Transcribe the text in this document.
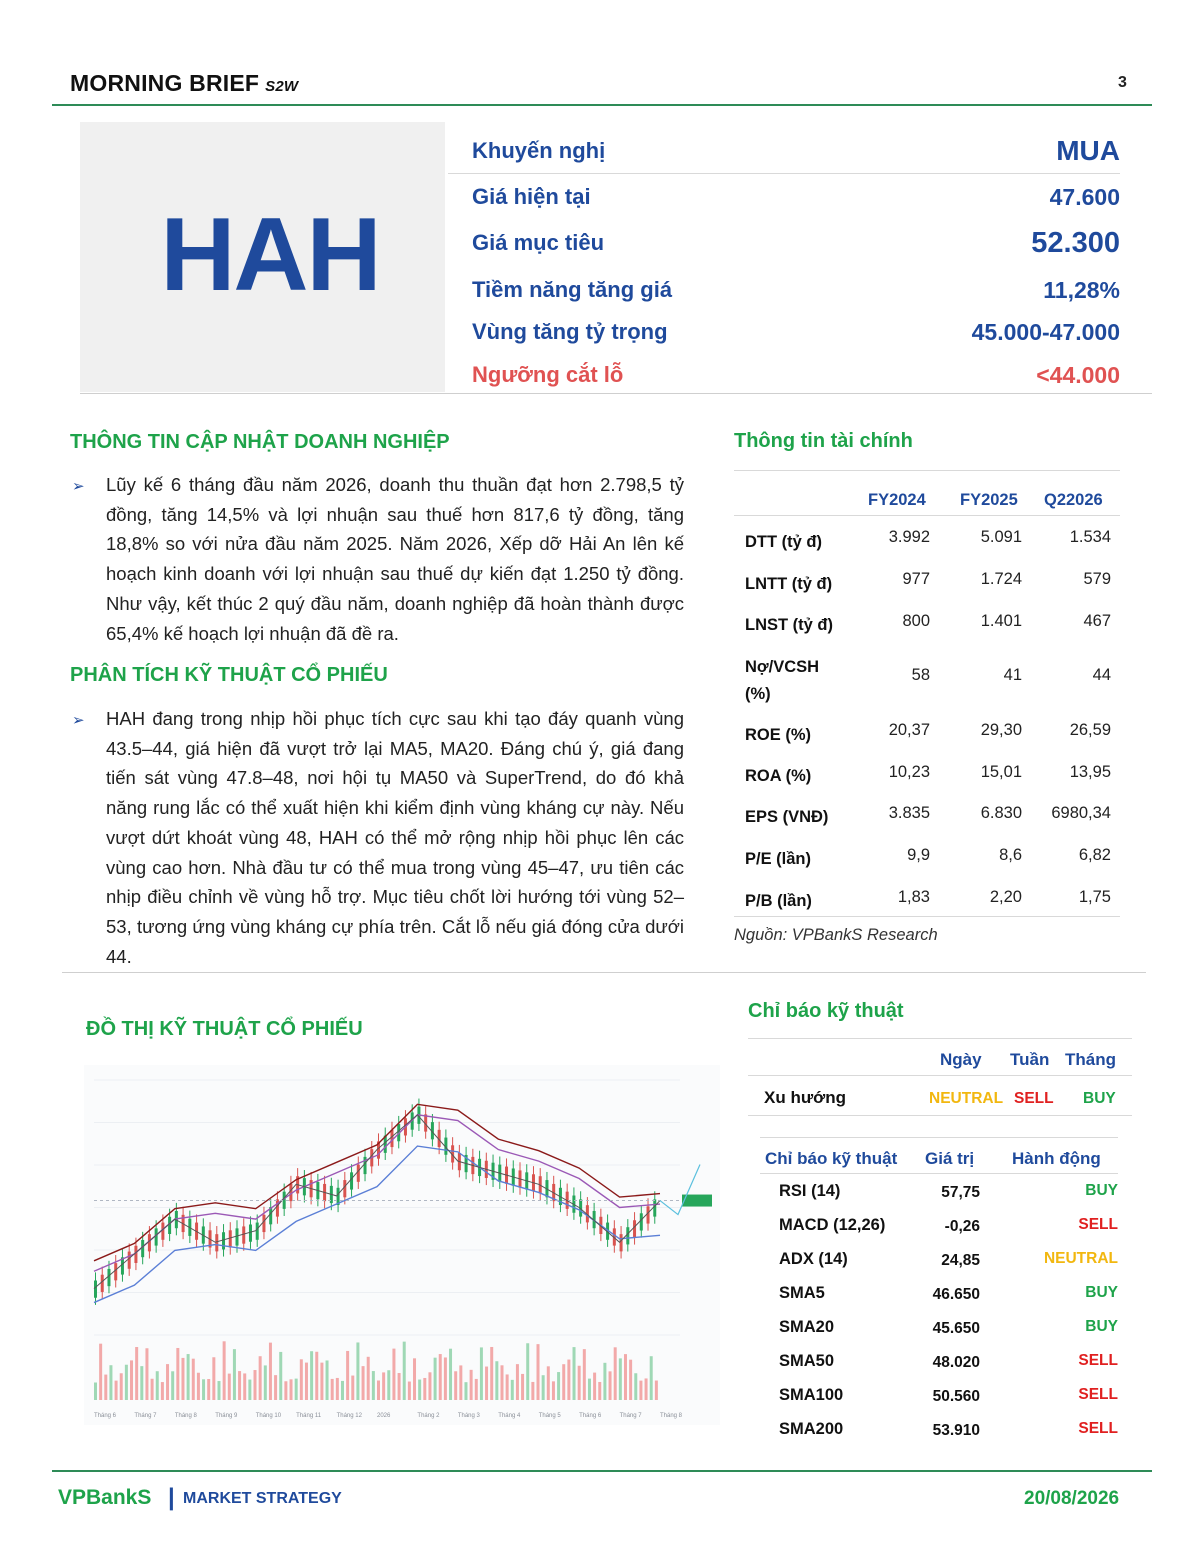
MORNING BRIEF S2W	3
HAH
Khuyến nghị	MUA
Giá hiện tại	47.600
Giá mục tiêu	52.300
Tiềm năng tăng giá	11,28%
Vùng tăng tỷ trọng	45.000-47.000
Ngưỡng cắt lỗ	<44.000
THÔNG TIN CẬP NHẬT DOANH NGHIỆP
➢ Lũy kế 6 tháng đầu năm 2026, doanh thu thuần đạt hơn 2.798,5 tỷ đồng, tăng 14,5% và lợi nhuận sau thuế hơn 817,6 tỷ đồng, tăng 18,8% so với nửa đầu năm 2025. Năm 2026, Xếp dỡ Hải An lên kế hoạch kinh doanh với lợi nhuận sau thuế dự kiến đạt 1.250 tỷ đồng. Như vậy, kết thúc 2 quý đầu năm, doanh nghiệp đã hoàn thành được 65,4% kế hoạch lợi nhuận đã đề ra.
PHÂN TÍCH KỸ THUẬT CỔ PHIẾU
➢ HAH đang trong nhịp hồi phục tích cực sau khi tạo đáy quanh vùng 43.5–44, giá hiện đã vượt trở lại MA5, MA20. Đáng chú ý, giá đang tiến sát vùng 47.8–48, nơi hội tụ MA50 và SuperTrend, do đó khả năng rung lắc có thể xuất hiện khi kiểm định vùng kháng cự này. Nếu vượt dứt khoát vùng 48, HAH có thể mở rộng nhịp hồi phục lên các vùng cao hơn. Nhà đầu tư có thể mua trong vùng 45–47, ưu tiên các nhịp điều chỉnh về vùng hỗ trợ. Mục tiêu chốt lời hướng tới vùng 52–53, tương ứng vùng kháng cự phía trên. Cắt lỗ nếu giá đóng cửa dưới 44.
Thông tin tài chính
FY2024 FY2025 Q22026
DTT (tỷ đ)	3.992	5.091	1.534
LNTT (tỷ đ)	977	1.724	579
LNST (tỷ đ)	800	1.401	467
Nợ/VCSH
(%)
58	41	44
ROE (%)	20,37	29,30	26,59
ROA (%)	10,23	15,01	13,95
EPS (VNĐ)	3.835	6.830	6980,34
P/E (lần)	9,9	8,6	6,82
P/B (lần)	1,83	2,20	1,75
Nguồn: VPBankS Research
ĐỒ THỊ KỸ THUẬT CỔ PHIẾU
Tháng 6	Tháng 7	Tháng 8	Tháng 9	Tháng 10	Tháng 11	Tháng 12	2026	Tháng 2	Tháng 3	Tháng 4	Tháng 5	Tháng 6	Tháng 7	Tháng 8
Chỉ báo kỹ thuật
Ngày Tuần Tháng
Xu hướng	NEUTRAL SELL BUY
Chỉ báo kỹ thuật Giá trị Hành động
RSI (14)	57,75	BUY
MACD (12,26)	-0,26	SELL
ADX (14)	24,85	NEUTRAL
SMA5	46.650	BUY
SMA20	45.650	BUY
SMA50	48.020	SELL
SMA100	50.560	SELL
SMA200	53.910	SELL
VPBankS | MARKET STRATEGY	20/08/2026
